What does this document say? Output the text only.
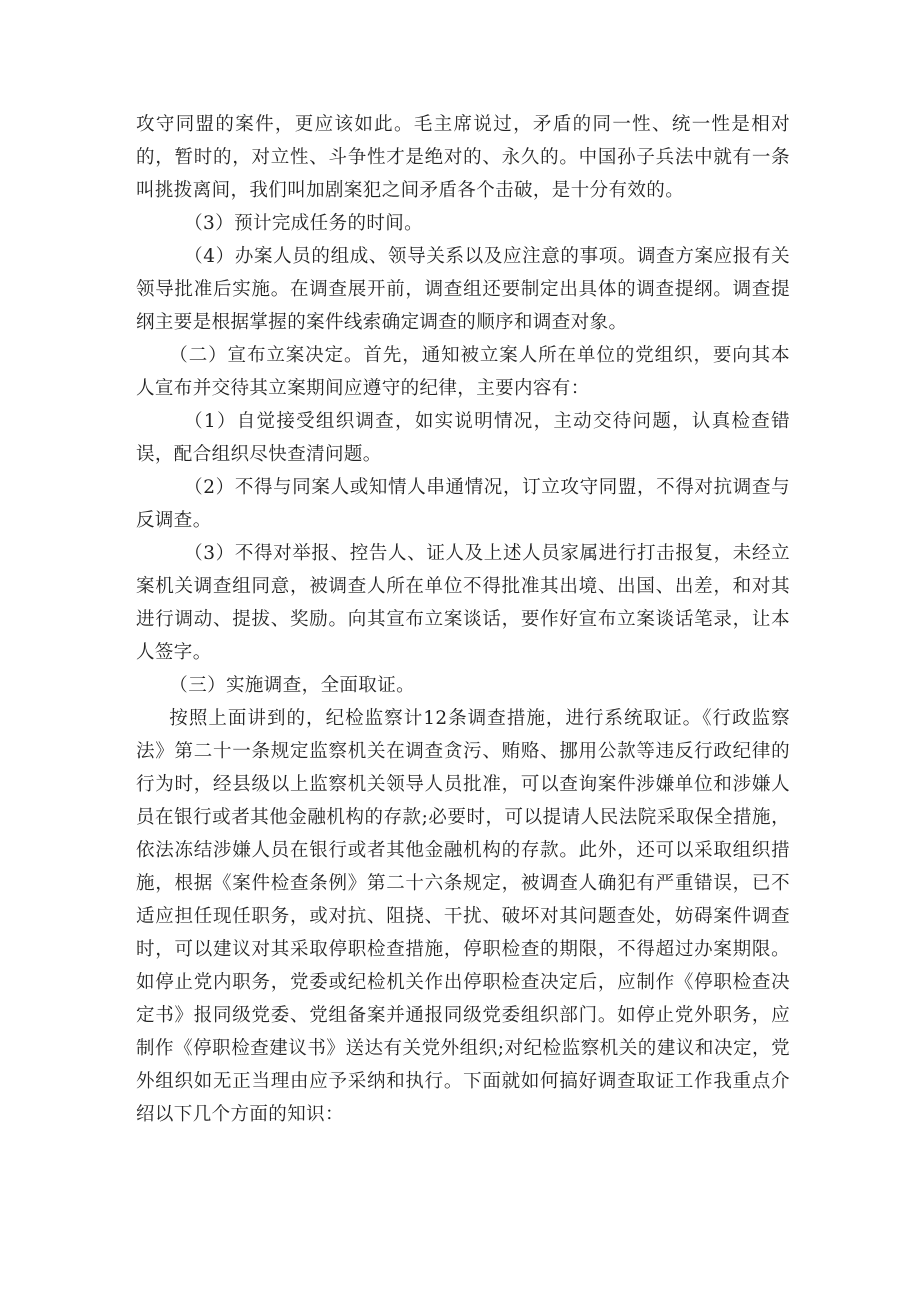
攻守同盟的案件，更应该如此。毛主席说过，矛盾的同一性、统一性是相对的，暂时的，对立性、斗争性才是绝对的、永久的。中国孙子兵法中就有一条叫挑拨离间，我们叫加剧案犯之间矛盾各个击破，是十分有效的。

（3）预计完成任务的时间。

（4）办案人员的组成、领导关系以及应注意的事项。调查方案应报有关领导批准后实施。在调查展开前，调查组还要制定出具体的调查提纲。调查提纲主要是根据掌握的案件线索确定调查的顺序和调查对象。

（二）宣布立案决定。首先，通知被立案人所在单位的党组织，要向其本人宣布并交待其立案期间应遵守的纪律，主要内容有：

（1）自觉接受组织调查，如实说明情况，主动交待问题，认真检查错误，配合组织尽快查清问题。

（2）不得与同案人或知情人串通情况，订立攻守同盟，不得对抗调查与反调查。

（3）不得对举报、控告人、证人及上述人员家属进行打击报复，未经立案机关调查组同意，被调查人所在单位不得批准其出境、出国、出差，和对其进行调动、提拔、奖励。向其宣布立案谈话，要作好宣布立案谈话笔录，让本人签字。

（三）实施调查，全面取证。

按照上面讲到的，纪检监察计12条调查措施，进行系统取证。《行政监察法》第二十一条规定监察机关在调查贪污、贿赂、挪用公款等违反行政纪律的行为时，经县级以上监察机关领导人员批准，可以查询案件涉嫌单位和涉嫌人员在银行或者其他金融机构的存款;必要时，可以提请人民法院采取保全措施，依法冻结涉嫌人员在银行或者其他金融机构的存款。此外，还可以采取组织措施，根据《案件检查条例》第二十六条规定，被调查人确犯有严重错误，已不适应担任现任职务，或对抗、阻挠、干扰、破坏对其问题查处，妨碍案件调查时，可以建议对其采取停职检查措施，停职检查的期限，不得超过办案期限。如停止党内职务，党委或纪检机关作出停职检查决定后，应制作《停职检查决定书》报同级党委、党组备案并通报同级党委组织部门。如停止党外职务，应制作《停职检查建议书》送达有关党外组织;对纪检监察机关的建议和决定，党外组织如无正当理由应予采纳和执行。下面就如何搞好调查取证工作我重点介绍以下几个方面的知识：
